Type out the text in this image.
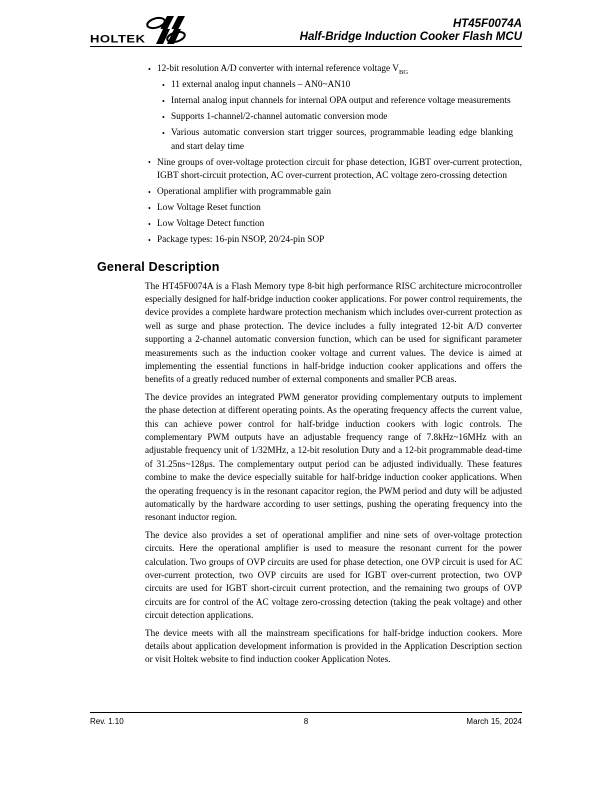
HOLTEK
HT45F0074A
Half-Bridge Induction Cooker Flash MCU
• 12-bit resolution A/D converter with internal reference voltage $V_{BG}$
• 11 external analog input channels – AN0~AN10
• Internal analog input channels for internal OPA output and reference voltage measurements
• Supports 1-channel/2-channel automatic conversion mode
• Various automatic conversion start trigger sources, programmable leading edge blanking and start delay time
• Nine groups of over-voltage protection circuit for phase detection, IGBT over-current protection, IGBT short-circuit protection, AC over-current protection, AC voltage zero-crossing detection
• Operational amplifier with programmable gain
• Low Voltage Reset function
• Low Voltage Detect function
• Package types: 16-pin NSOP, 20/24-pin SOP
General Description

The HT45F0074A is a Flash Memory type 8-bit high performance RISC architecture microcontroller especially designed for half-bridge induction cooker applications. For power control requirements, the device provides a complete hardware protection mechanism which includes over-current protection as well as surge and phase protection. The device includes a fully integrated 12-bit A/D converter supporting a 2-channel automatic conversion function, which can be used for significant parameter measurements such as the induction cooker voltage and current values. The device is aimed at implementing the essential functions in half-bridge induction cooker applications and offers the benefits of a greatly reduced number of external components and smaller PCB areas.

The device provides an integrated PWM generator providing complementary outputs to implement the phase detection at different operating points. As the operating frequency affects the current value, this can achieve power control for half-bridge induction cookers with logic controls. The complementary PWM outputs have an adjustable frequency range of 7.8kHz~16MHz with an adjustable frequency unit of 1/32MHz, a 12-bit resolution Duty and a 12-bit programmable dead-time of 31.25ns~128μs. The complementary output period can be adjusted individually. These features combine to make the device especially suitable for half-bridge induction cooker applications. When the operating frequency is in the resonant capacitor region, the PWM period and duty will be adjusted automatically by the hardware according to user settings, pushing the operating frequency into the resonant inductor region.

The device also provides a set of operational amplifier and nine sets of over-voltage protection circuits. Here the operational amplifier is used to measure the resonant current for the power calculation. Two groups of OVP circuits are used for phase detection, one OVP circuit is used for AC over-current protection, two OVP circuits are used for IGBT over-current protection, two OVP circuits are used for IGBT short-circuit current protection, and the remaining two groups of OVP circuits are for control of the AC voltage zero-crossing detection (taking the peak voltage) and other circuit detection applications.

The device meets with all the mainstream specifications for half-bridge induction cookers. More details about application development information is provided in the Application Description section or visit Holtek website to find induction cooker Application Notes.

Rev. 1.10	8	March 15, 2024
